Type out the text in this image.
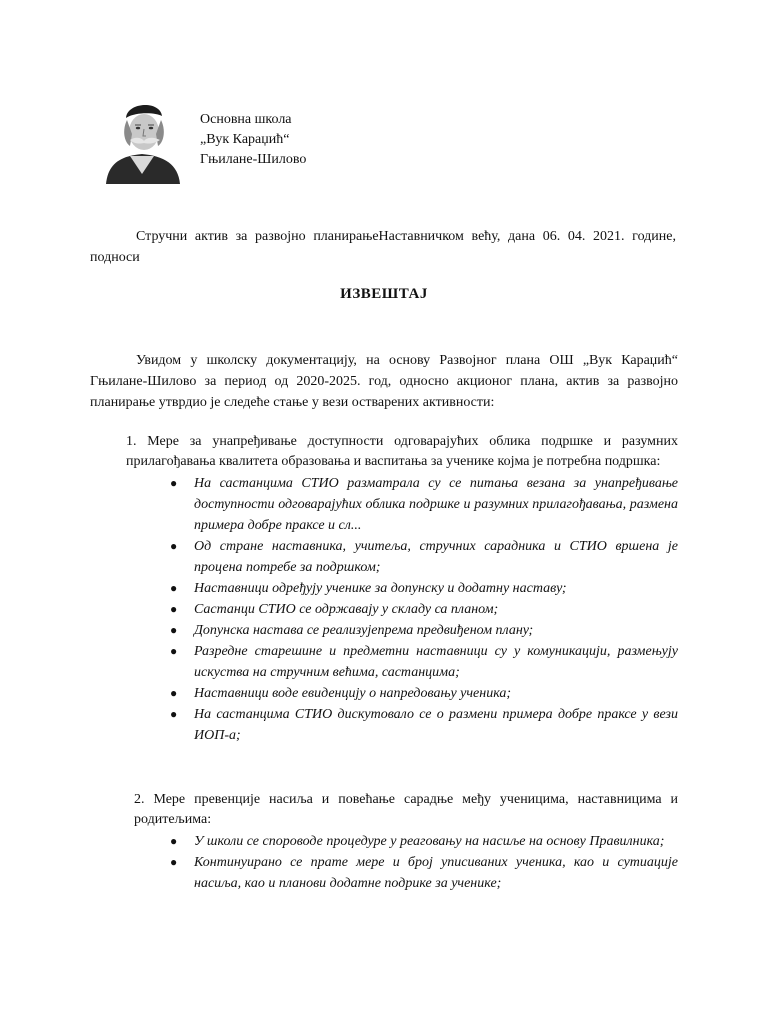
Основна школа
„Вук Караџић“
Гњилане-Шилово
Стручни актив за развојно планирањеНаставничком већу, дана 06. 04. 2021. године, подноси
ИЗВЕШТАЈ
Увидом у школску документацију, на основу Развојног плана ОШ „Вук Караџић“ Гњилане-Шилово за период од 2020-2025. год, односно акционог плана, актив за развојно планирање утврдио је следеће стање у вези остварених активности:
1. Мере за унапређивање доступности одговарајућих облика подршке и разумних прилагођавања квалитета образовања и васпитања за ученике којма је потребна подршка:
● На састанцима СТИО разматрала су се питања везана за унапређивање доступности одговарајућих облика подршке и разумних прилагођавања, размена примера добре праксе и сл...
● Од стране наставника, учитеља, стручних сарадника и СТИО вршена је процена потребе за подршком;
● Наставници одређују ученике за допунску и додатну наставу;
● Састанци СТИО се одржавају у складу са планом;
● Допунска настава се реализујепрема предвиђеном плану;
● Разредне старешине и предметни наставници су у комуникацији, размењују искуства на стручним већима, састанцима;
● Наставници воде евиденцију о напредовању ученика;
● На састанцима СТИО дискутовало се о размени примера добре праксе у вези ИОП-а;
2. Мере превенције насиља и повећање сарадње међу ученицима, наставницима и родитељима:
● У школи се спороводе процедуре у реаговању на насиље на основу Правилника;
● Континуирано се прате мере и број уписиваних ученика, као и сутиације насиља, као и планови додатне подрике за ученике;
